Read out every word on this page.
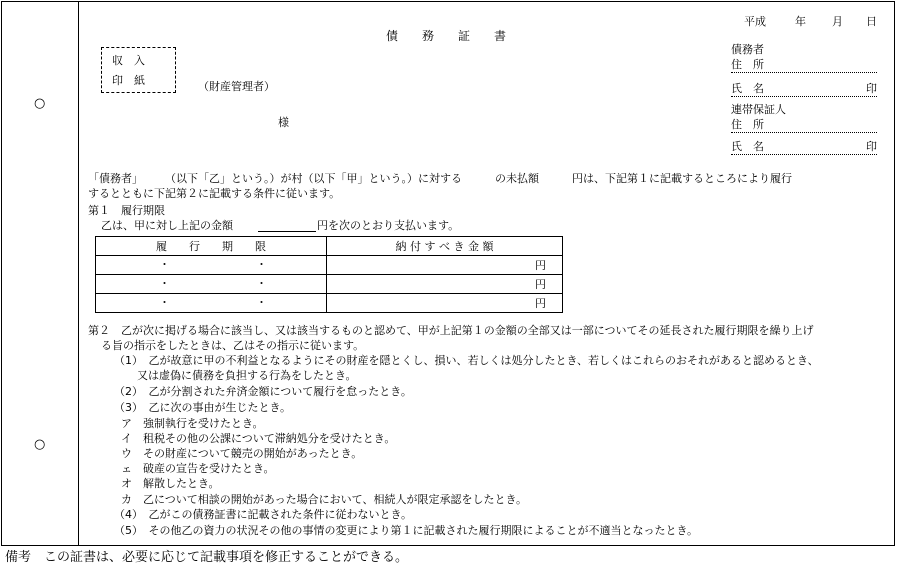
○
○
債　　務　　証　　書
平成	年 月 日
収　入
印　紙	（財産管理者）
様
債務者
住　所
氏　名	印
連帯保証人
住　所
氏　名	印
「債務者」　　　（以下「乙」という。）が村（以下「甲」という。）に対する　　　の未払額　　　円は、下記第１に記載するところにより履行
するとともに下記第２に記載する条件に従います。
第１　履行期限
乙は、甲に対し上記の金額	円を次のとおり支払います。
履　　行　　期　　限	納 付 す べ き 金 額

・ ・	円

・ ・	円

・ ・	円
第２　乙が次に掲げる場合に該当し、又は該当するものと認めて、甲が上記第１の金額の全部又は一部についてその延長された履行期限を繰り上げ
る旨の指示をしたときは、乙はその指示に従います。
（1）　乙が故意に甲の不利益となるようにその財産を隠とくし、損い、若しくは処分したとき、若しくはこれらのおそれがあると認めるとき、
又は虚偽に債務を負担する行為をしたとき。
（2）　乙が分割された弁済金額について履行を怠ったとき。
（3）　乙に次の事由が生じたとき。
ア　強制執行を受けたとき。
イ　租税その他の公課について滞納処分を受けたとき。
ウ　その財産について競売の開始があったとき。
ェ　破産の宣告を受けたとき。
オ　解散したとき。
カ　乙について相談の開始があった場合において、相続人が限定承認をしたとき。
（4）　乙がこの債務証書に記載された条件に従わないとき。
（5）　その他乙の資力の状況その他の事情の変更により第１に記載された履行期限によることが不適当となったとき。
備考　この証書は、必要に応じて記載事項を修正することができる。
